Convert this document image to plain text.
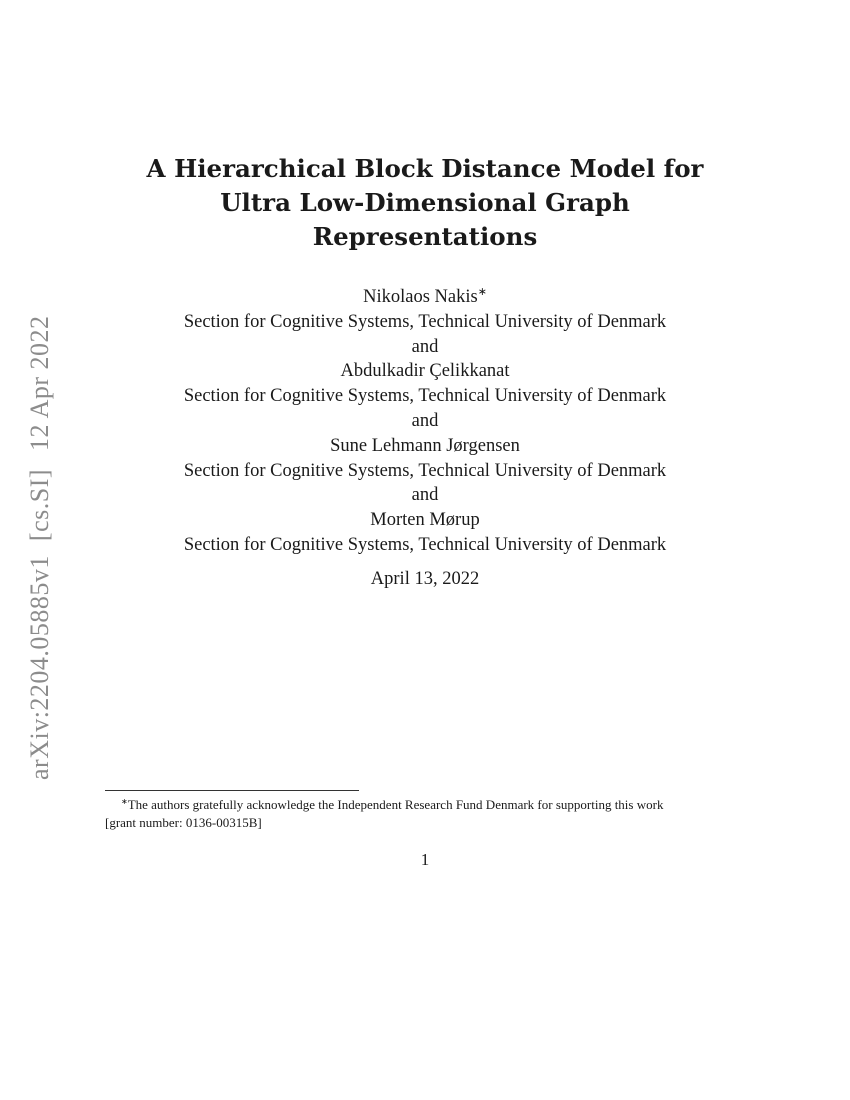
arXiv:2204.05885v1[cs.SI]12 Apr 2022
A Hierarchical Block Distance Model for
Ultra Low-Dimensional Graph
Representations
Nikolaos Nakis∗
Section for Cognitive Systems, Technical University of Denmark
and
Abdulkadir Çelikkanat
Section for Cognitive Systems, Technical University of Denmark
and
Sune Lehmann Jørgensen
Section for Cognitive Systems, Technical University of Denmark
and
Morten Mørup
Section for Cognitive Systems, Technical University of Denmark
April 13, 2022
∗The authors gratefully acknowledge the Independent Research Fund Denmark for supporting this work
[grant number: 0136-00315B]
1
